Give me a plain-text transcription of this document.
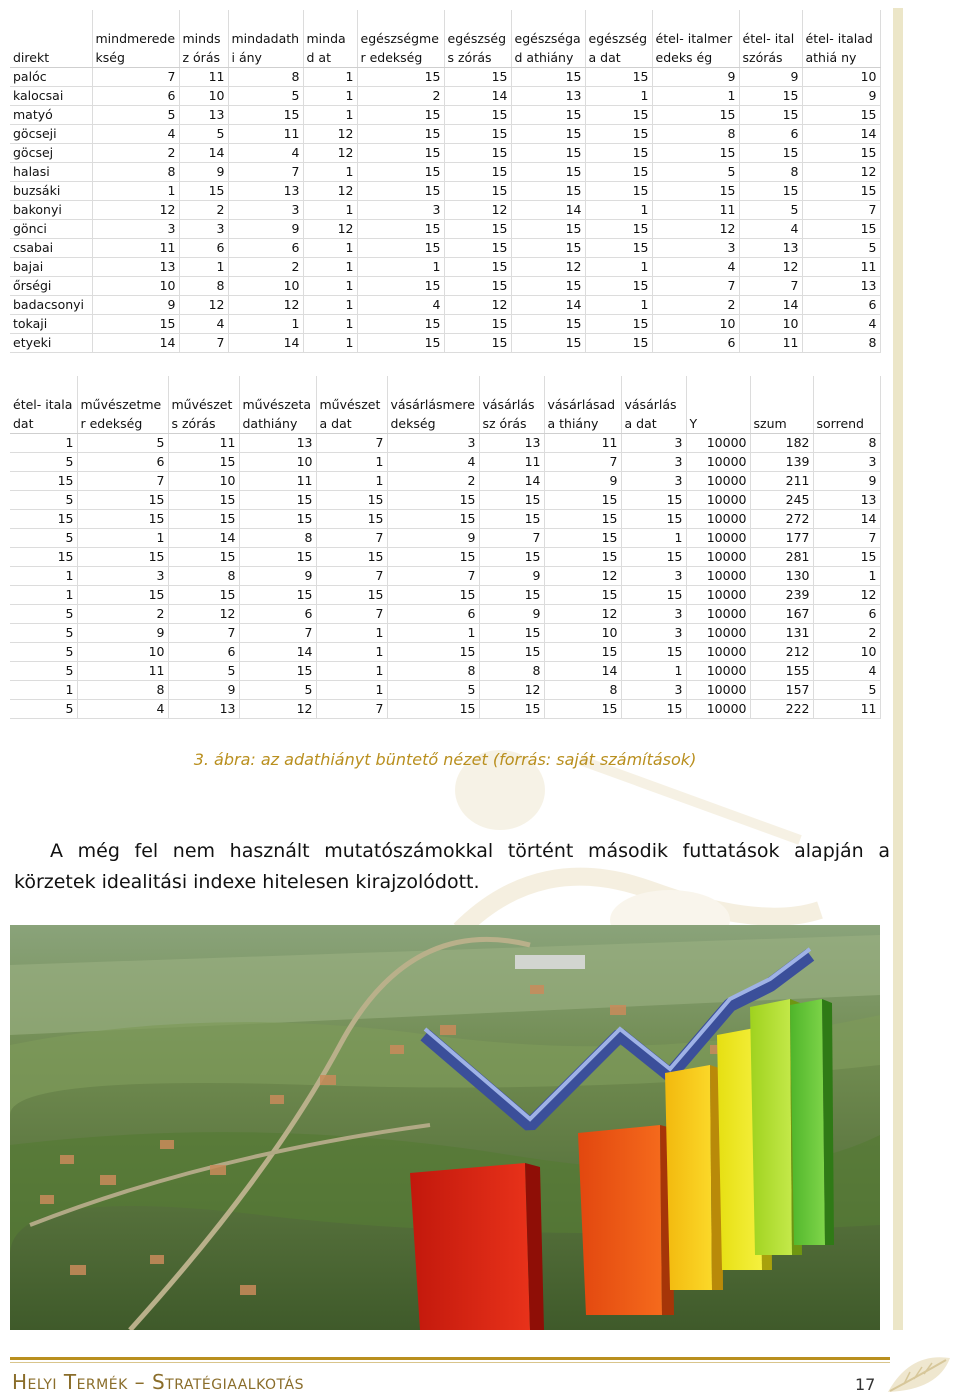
direkt	mindmerede kség	mindsz órás	mindadathi ány	mindad at	egészségmer edekség	egészségs zórás	egészségad athiány	egészséga dat	étel- italmeredeks ég	étel- italszórás	étel- italadathiá ny
palóc	7	11	8	1	15	15	15	15	9	9	10
kalocsai	6	10	5	1	2	14	13	1	1	15	9
matyó	5	13	15	1	15	15	15	15	15	15	15
göcseji	4	5	11	12	15	15	15	15	8	6	14
göcsej	2	14	4	12	15	15	15	15	15	15	15
halasi	8	9	7	1	15	15	15	15	5	8	12
buzsáki	1	15	13	12	15	15	15	15	15	15	15
bakonyi	12	2	3	1	3	12	14	1	11	5	7
gönci	3	3	9	12	15	15	15	15	12	4	15
csabai	11	6	6	1	15	15	15	15	3	13	5
bajai	13	1	2	1	1	15	12	1	4	12	11
őrségi	10	8	10	1	15	15	15	15	7	7	13
badacsonyi	9	12	12	1	4	12	14	1	2	14	6
tokaji	15	4	1	1	15	15	15	15	10	10	4
etyeki	14	7	14	1	15	15	15	15	6	11	8
étel- italadat	művészetmer edekség	művészets zórás	művészeta dathiány	művészeta dat	vásárlásmere dekség	vásárlássz órás	vásárlásada thiány	vásárlása dat	Y	szum	sorrend
1	5	11	13	7	3	13	11	3	10000	182	8
5	6	15	10	1	4	11	7	3	10000	139	3
15	7	10	11	1	2	14	9	3	10000	211	9
5	15	15	15	15	15	15	15	15	10000	245	13
15	15	15	15	15	15	15	15	15	10000	272	14
5	1	14	8	7	9	7	15	1	10000	177	7
15	15	15	15	15	15	15	15	15	10000	281	15
1	3	8	9	7	7	9	12	3	10000	130	1
1	15	15	15	15	15	15	15	15	10000	239	12
5	2	12	6	7	6	9	12	3	10000	167	6
5	9	7	7	1	1	15	10	3	10000	131	2
5	10	6	14	1	15	15	15	15	10000	212	10
5	11	5	15	1	8	8	14	1	10000	155	4
1	8	9	5	1	5	12	8	3	10000	157	5
5	4	13	12	7	15	15	15	15	10000	222	11
3. ábra: az adathiányt büntető nézet (forrás: saját számítások)
A még fel nem használt mutatószámokkal történt második futtatások alapján a körzetek idealitási indexe hitelesen kirajzolódott.
Helyi Termék – Stratégiaalkotás	17
